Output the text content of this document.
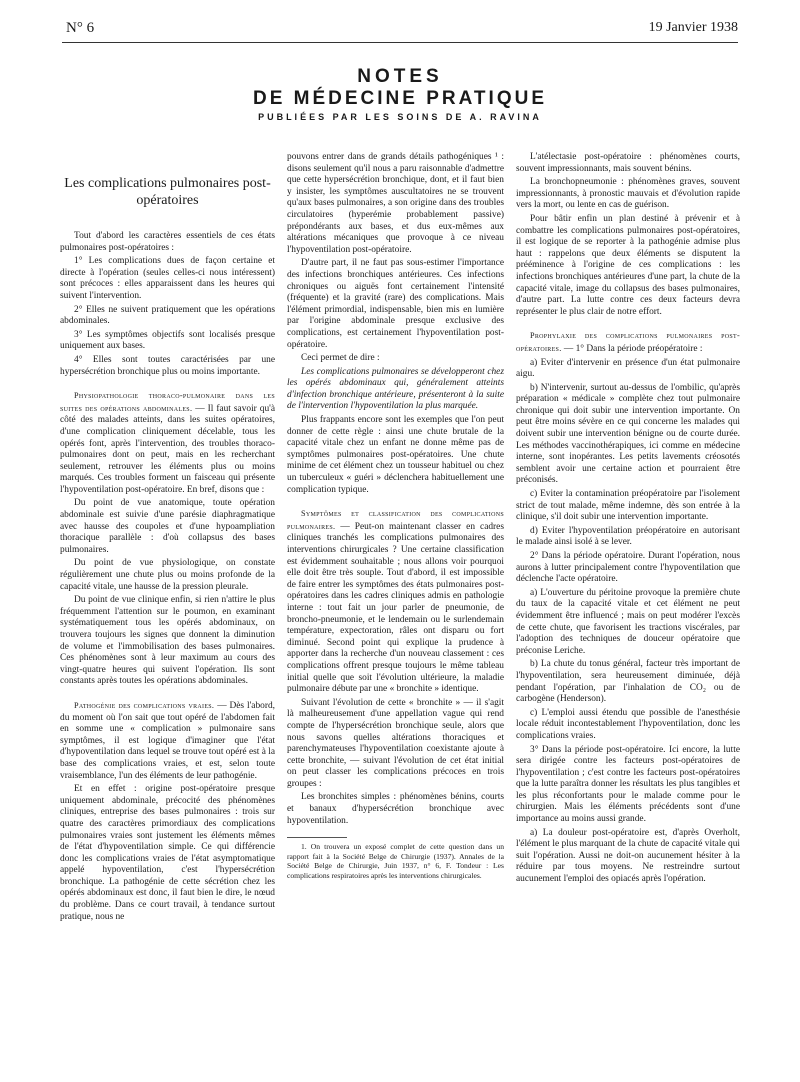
N° 6	19 Janvier 1938
NOTES
DE MÉDECINE PRATIQUE
PUBLIÉES PAR LES SOINS DE A. RAVINA
Les complications pulmonaires post-opératoires

Tout d'abord les caractères essentiels de ces états pulmonaires post-opératoires :

1° Les complications dues de façon certaine et directe à l'opération (seules celles-ci nous intéressent) sont précoces : elles apparaissent dans les heures qui suivent l'intervention.

2° Elles ne suivent pratiquement que les opérations abdominales.

3° Les symptômes objectifs sont localisés presque uniquement aux bases.

4° Elles sont toutes caractérisées par une hypersécrétion bronchique plus ou moins importante.

Physiopathologie thoraco-pulmonaire dans les suites des opérations abdominales. — Il faut savoir qu'à côté des malades atteints, dans les suites opératoires, d'une complication cliniquement décelable, tous les opérés font, après l'intervention, des troubles thoraco-pulmonaires dont on peut, mais en les recherchant seulement, retrouver les éléments plus ou moins marqués. Ces troubles forment un faisceau qui présente l'hypoventilation post-opératoire. En bref, disons que :

Du point de vue anatomique, toute opération abdominale est suivie d'une parésie diaphragmatique avec hausse des coupoles et d'une hypoampliation thoracique parallèle : d'où collapsus des bases pulmonaires.

Du point de vue physiologique, on constate régulièrement une chute plus ou moins profonde de la capacité vitale, une hausse de la pression pleurale.

Du point de vue clinique enfin, si rien n'attire le plus fréquemment l'attention sur le poumon, en examinant systématiquement tous les opérés abdominaux, on trouvera toujours les signes que donnent la diminution de volume et l'immobilisation des bases pulmonaires. Ces phénomènes sont à leur maximum au cours des vingt-quatre heures qui suivent l'opération. Ils sont constants après toutes les opérations abdominales.

Pathogénie des complications vraies. — Dès l'abord, du moment où l'on sait que tout opéré de l'abdomen fait en somme une « complication » pulmonaire sans symptômes, il est logique d'imaginer que l'état d'hypoventilation dans lequel se trouve tout opéré est à la base des complications vraies, et est, selon toute vraisemblance, l'un des éléments de leur pathogénie.

Et en effet : origine post-opératoire presque uniquement abdominale, précocité des phénomènes cliniques, entreprise des bases pulmonaires : trois sur quatre des caractères primordiaux des complications pulmonaires vraies sont justement les éléments mêmes de l'état d'hypoventilation simple. Ce qui différencie donc les complications vraies de l'état asymptomatique appelé hypoventilation, c'est l'hypersécrétion bronchique. La pathogénie de cette sécrétion chez les opérés abdominaux est donc, il faut bien le dire, le nœud du problème. Dans ce court travail, à tendance surtout pratique, nous ne

pouvons entrer dans de grands détails pathogéniques ¹ : disons seulement qu'il nous a paru raisonnable d'admettre que cette hypersécrétion bronchique, dont, et il faut bien y insister, les symptômes auscultatoires ne se trouvent qu'aux bases pulmonaires, a son origine dans des troubles circulatoires (hyperémie probablement passive) prépondérants aux bases, et dus eux-mêmes aux altérations mécaniques que provoque à ce niveau l'hypoventilation post-opératoire.

D'autre part, il ne faut pas sous-estimer l'importance des infections bronchiques antérieures. Ces infections chroniques ou aiguës font certainement l'intensité (fréquente) et la gravité (rare) des complications. Mais l'élément primordial, indispensable, bien mis en lumière par l'origine abdominale presque exclusive des complications, est certainement l'hypoventilation post-opératoire.

Ceci permet de dire :

Les complications pulmonaires se développeront chez les opérés abdominaux qui, généralement atteints d'infection bronchique antérieure, présenteront à la suite de l'intervention l'hypoventilation la plus marquée.

Plus frappants encore sont les exemples que l'on peut donner de cette règle : ainsi une chute brutale de la capacité vitale chez un enfant ne donne même pas de symptômes pulmonaires post-opératoires. Une chute minime de cet élément chez un tousseur habituel ou chez un tuberculeux « guéri » déclenchera habituellement une complication typique.

Symptômes et classification des complications pulmonaires. — Peut-on maintenant classer en cadres cliniques tranchés les complications pulmonaires des interventions chirurgicales ? Une certaine classification est évidemment souhaitable ; nous allons voir pourquoi elle doit être très souple. Tout d'abord, il est impossible de faire entrer les symptômes des états pulmonaires post-opératoires dans les cadres cliniques admis en pathologie interne : tout fait un jour parler de pneumonie, de broncho-pneumonie, et le lendemain ou le surlendemain température, expectoration, râles ont disparu ou fort diminué. Second point qui explique la prudence à apporter dans la recherche d'un nouveau classement : ces complications offrent presque toujours le même tableau initial quelle que soit l'évolution ultérieure, la maladie pulmonaire débute par une « bronchite » identique.

Suivant l'évolution de cette « bronchite » — il s'agit là malheureusement d'une appellation vague qui rend compte de l'hypersécrétion bronchique seule, alors que nous savons quelles altérations thoraciques et parenchymateuses l'hypoventilation coexistante ajoute à cette bronchite, — suivant l'évolution de cet état initial on peut classer les complications précoces en trois groupes :

Les bronchites simples : phénomènes bénins, courts et banaux d'hypersécrétion bronchique avec hypoventilation.

1. On trouvera un exposé complet de cette question dans un rapport fait à la Société Belge de Chirurgie (1937). Annales de la Société Belge de Chirurgie, Juin 1937, n° 6, F. Tondeur : Les complications respiratoires après les interventions chirurgicales.

L'atélectasie post-opératoire : phénomènes courts, souvent impressionnants, mais souvent bénins.

La bronchopneumonie : phénomènes graves, souvent impressionnants, à pronostic mauvais et d'évolution rapide vers la mort, ou lente en cas de guérison.

Pour bâtir enfin un plan destiné à prévenir et à combattre les complications pulmonaires post-opératoires, il est logique de se reporter à la pathogénie admise plus haut : rappelons que deux éléments se disputent la prééminence à l'origine de ces complications : les infections bronchiques antérieures d'une part, la chute de la capacité vitale, image du collapsus des bases pulmonaires, d'autre part. La lutte contre ces deux facteurs devra représenter le plus clair de notre effort.

Prophylaxie des complications pulmonaires post-opératoires. — 1° Dans la période préopératoire :

a) Eviter d'intervenir en présence d'un état pulmonaire aigu.

b) N'intervenir, surtout au-dessus de l'ombilic, qu'après préparation « médicale » complète chez tout pulmonaire chronique qui doit subir une intervention importante. On peut être moins sévère en ce qui concerne les malades qui doivent subir une intervention bénigne ou de courte durée. Les méthodes vaccinothérapiques, ici comme en médecine interne, sont inopérantes. Les petits lavements créosotés semblent avoir une certaine action et pourraient être préconisés.

c) Eviter la contamination préopératoire par l'isolement strict de tout malade, même indemne, dès son entrée à la clinique, s'il doit subir une intervention importante.

d) Eviter l'hypoventilation préopératoire en autorisant le malade ainsi isolé à se lever.

2° Dans la période opératoire. Durant l'opération, nous aurons à lutter principalement contre l'hypoventilation que déclenche l'acte opératoire.

a) L'ouverture du péritoine provoque la première chute du taux de la capacité vitale et cet élément ne peut évidemment être influencé ; mais on peut modérer l'excès de cette chute, que favorisent les tractions viscérales, par l'adoption des techniques de douceur opératoire que préconise Leriche.

b) La chute du tonus général, facteur très important de l'hypoventilation, sera heureusement diminuée, déjà pendant l'opération, par l'inhalation de CO₂ ou de carbogène (Henderson).

c) L'emploi aussi étendu que possible de l'anesthésie locale réduit incontestablement l'hypoventilation, donc les complications vraies.

3° Dans la période post-opératoire. Ici encore, la lutte sera dirigée contre les facteurs post-opératoires de l'hypoventilation ; c'est contre les facteurs post-opératoires que la lutte paraîtra donner les résultats les plus tangibles et les plus réconfortants pour le malade comme pour le chirurgien. Mais les éléments précédents sont d'une importance au moins aussi grande.

a) La douleur post-opératoire est, d'après Overholt, l'élément le plus marquant de la chute de capacité vitale qui suit l'opération. Aussi ne doit-on aucunement hésiter à la réduire par tous moyens. Ne restreindre surtout aucunement l'emploi des opiacés après l'opération.
